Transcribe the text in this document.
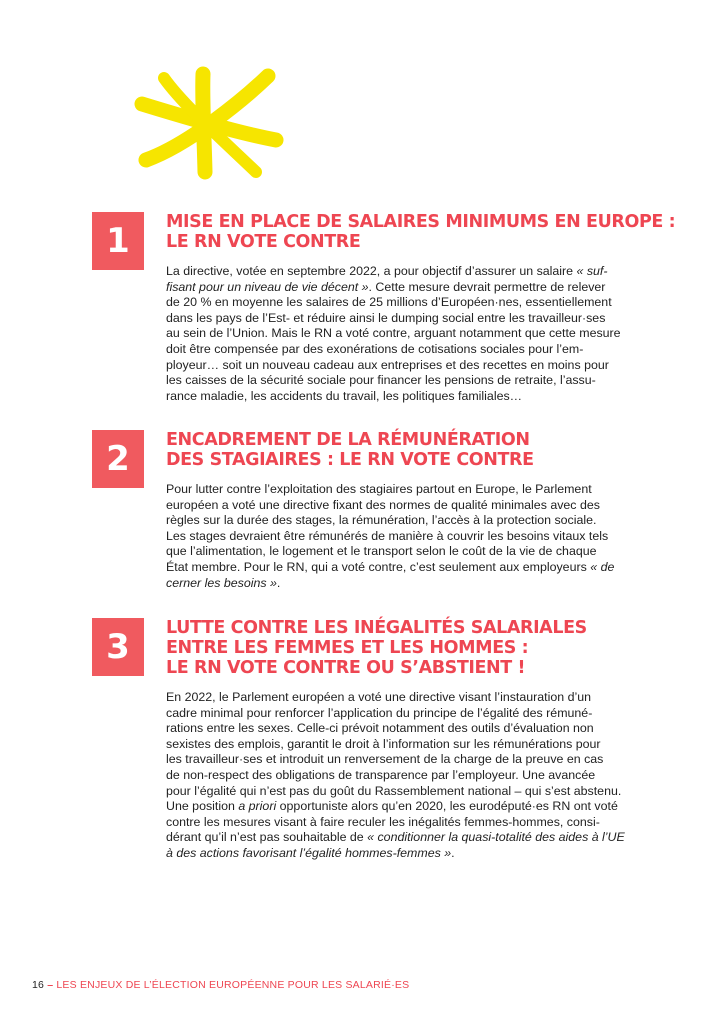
1	MISE EN PLACE DE SALAIRES MINIMUMS EN EUROPE :
LE RN VOTE CONTRE

La directive, votée en septembre 2022, a pour objectif d’assurer un salaire « suf-
fisant pour un niveau de vie décent ». Cette mesure devrait permettre de relever
de 20 % en moyenne les salaires de 25 millions d’Européen·nes, essentiellement
dans les pays de l’Est- et réduire ainsi le dumping social entre les travailleur·ses
au sein de l’Union. Mais le RN a voté contre, arguant notamment que cette mesure
doit être compensée par des exonérations de cotisations sociales pour l’em-
ployeur… soit un nouveau cadeau aux entreprises et des recettes en moins pour
les caisses de la sécurité sociale pour financer les pensions de retraite, l’assu-
rance maladie, les accidents du travail, les politiques familiales…

2	ENCADREMENT DE LA RÉMUNÉRATION
DES STAGIAIRES : LE RN VOTE CONTRE

Pour lutter contre l’exploitation des stagiaires partout en Europe, le Parlement
européen a voté une directive fixant des normes de qualité minimales avec des
règles sur la durée des stages, la rémunération, l’accès à la protection sociale.
Les stages devraient être rémunérés de manière à couvrir les besoins vitaux tels
que l’alimentation, le logement et le transport selon le coût de la vie de chaque
État membre. Pour le RN, qui a voté contre, c’est seulement aux employeurs « de
cerner les besoins ».

3	LUTTE CONTRE LES INÉGALITÉS SALARIALES
ENTRE LES FEMMES ET LES HOMMES :
LE RN VOTE CONTRE OU S’ABSTIENT !

En 2022, le Parlement européen a voté une directive visant l’instauration d’un
cadre minimal pour renforcer l’application du principe de l’égalité des rémuné-
rations entre les sexes. Celle-ci prévoit notamment des outils d’évaluation non
sexistes des emplois, garantit le droit à l’information sur les rémunérations pour
les travailleur·ses et introduit un renversement de la charge de la preuve en cas
de non-respect des obligations de transparence par l’employeur. Une avancée
pour l’égalité qui n’est pas du goût du Rassemblement national – qui s’est abstenu.
Une position a priori opportuniste alors qu’en 2020, les eurodéputé·es RN ont voté
contre les mesures visant à faire reculer les inégalités femmes-hommes, consi-
dérant qu’il n’est pas souhaitable de « conditionner la quasi-totalité des aides à l’UE
à des actions favorisant l’égalité hommes-femmes ».

16 – LES ENJEUX DE L’ÉLECTION EUROPÉENNE POUR LES SALARIÉ·ES
